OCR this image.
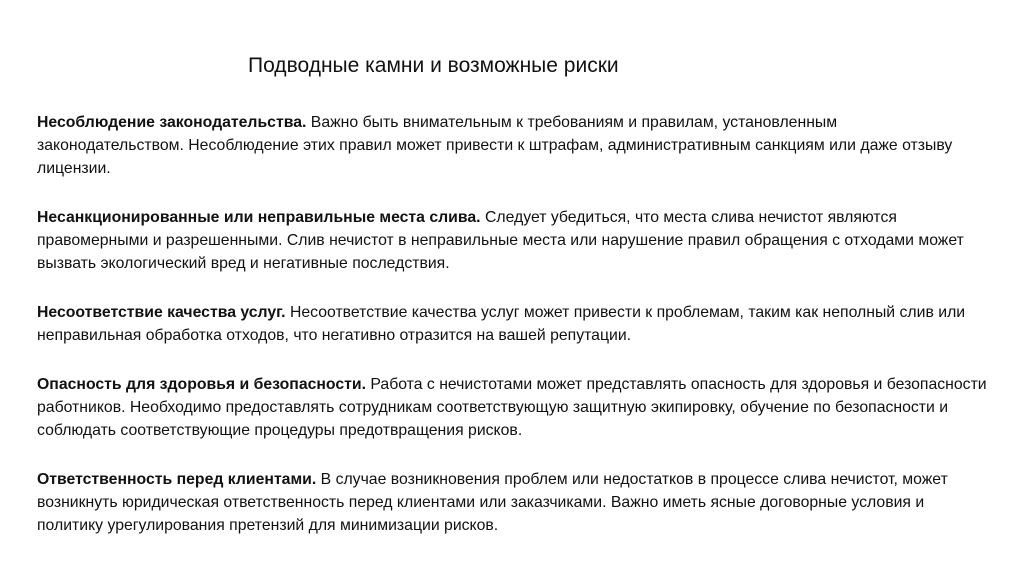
Подводные камни и возможные риски

Несоблюдение законодательства. Важно быть внимательным к требованиям и правилам, установленным законодательством. Несоблюдение этих правил может привести к штрафам, административным санкциям или даже отзыву лицензии.

Несанкционированные или неправильные места слива. Следует убедиться, что места слива нечистот являются правомерными и разрешенными. Слив нечистот в неправильные места или нарушение правил обращения с отходами может вызвать экологический вред и негативные последствия.

Несоответствие качества услуг. Несоответствие качества услуг может привести к проблемам, таким как неполный слив или неправильная обработка отходов, что негативно отразится на вашей репутации.

Опасность для здоровья и безопасности. Работа с нечистотами может представлять опасность для здоровья и безопасности работников. Необходимо предоставлять сотрудникам соответствующую защитную экипировку, обучение по безопасности и соблюдать соответствующие процедуры предотвращения рисков.

Ответственность перед клиентами. В случае возникновения проблем или недостатков в процессе слива нечистот, может возникнуть юридическая ответственность перед клиентами или заказчиками. Важно иметь ясные договорные условия и политику урегулирования претензий для минимизации рисков.
